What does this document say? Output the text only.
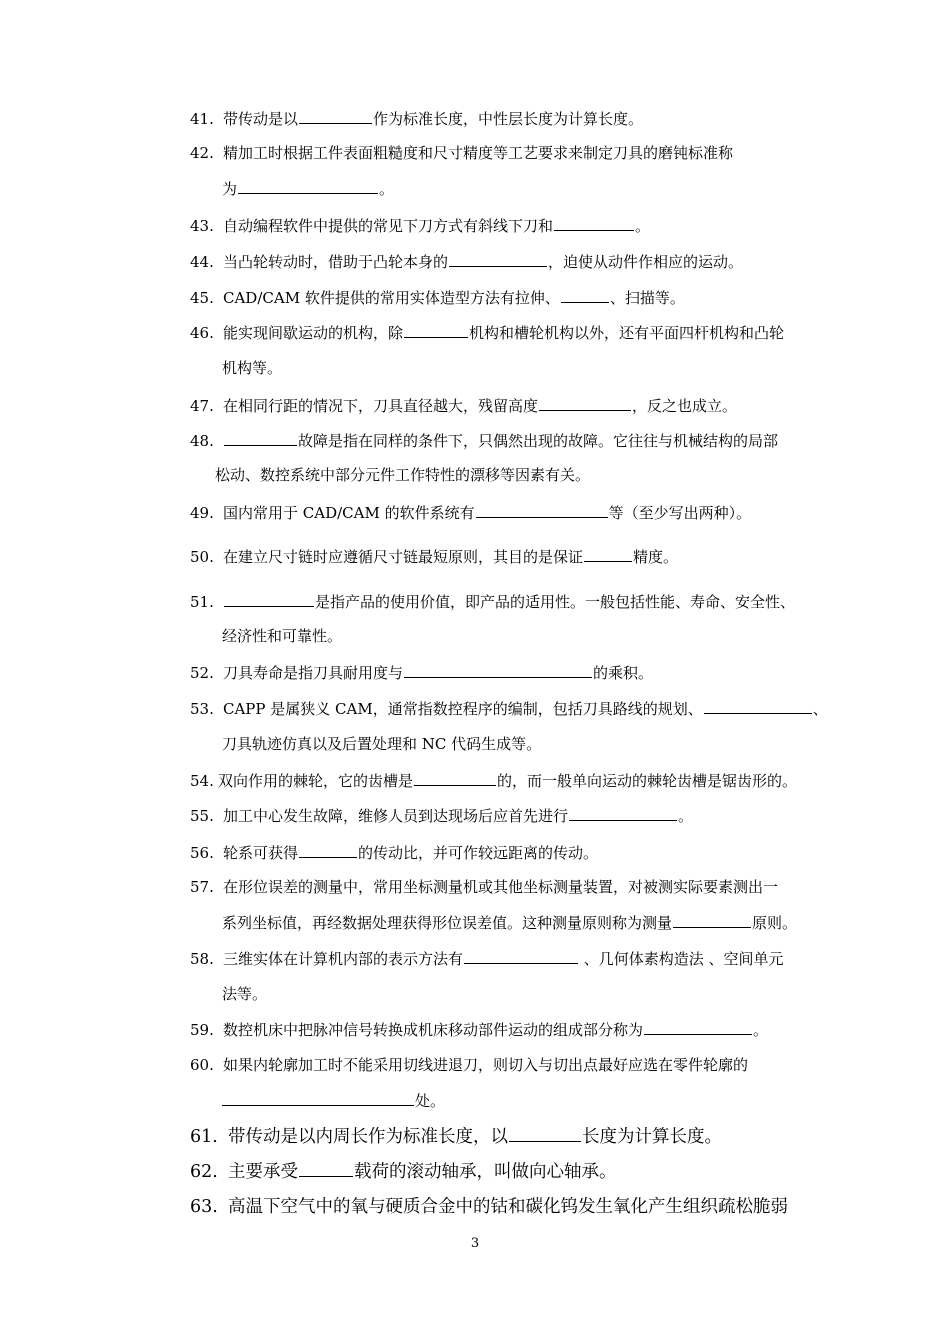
41. 带传动是以	作为标准长度，中性层长度为计算长度。
42. 精加工时根据工件表面粗糙度和尺寸精度等工艺要求来制定刀具的磨钝标准称
为	。
43. 自动编程软件中提供的常见下刀方式有斜线下刀和	。
44. 当凸轮转动时，借助于凸轮本身的	，迫使从动件作相应的运动。
45. CAD/CAM 软件提供的常用实体造型方法有拉伸、	、扫描等。
46. 能实现间歇运动的机构，除	机构和槽轮机构以外，还有平面四杆机构和凸轮
机构等。
47. 在相同行距的情况下，刀具直径越大，残留高度	，反之也成立。
48.	故障是指在同样的条件下，只偶然出现的故障。它往往与机械结构的局部
松动、数控系统中部分元件工作特性的漂移等因素有关。
49. 国内常用于 CAD/CAM 的软件系统有	等（至少写出两种）。
50. 在建立尺寸链时应遵循尺寸链最短原则，其目的是保证	精度。
51.	是指产品的使用价值，即产品的适用性。一般包括性能、寿命、安全性、
经济性和可靠性。
52. 刀具寿命是指刀具耐用度与	的乘积。
53. CAPP 是属狭义 CAM，通常指数控程序的编制，包括刀具路线的规划、	、
刀具轨迹仿真以及后置处理和 NC 代码生成等。
54. 双向作用的棘轮，它的齿槽是	的，而一般单向运动的棘轮齿槽是锯齿形的。
55. 加工中心发生故障，维修人员到达现场后应首先进行	。
56. 轮系可获得	的传动比，并可作较远距离的传动。
57. 在形位误差的测量中，常用坐标测量机或其他坐标测量装置，对被测实际要素测出一
系列坐标值，再经数据处理获得形位误差值。这种测量原则称为测量	原则。
58. 三维实体在计算机内部的表示方法有	、几何体素构造法 、空间单元
法等。
59. 数控机床中把脉冲信号转换成机床移动部件运动的组成部分称为	。
60. 如果内轮廓加工时不能采用切线进退刀，则切入与切出点最好应选在零件轮廓的
处。
61. 带传动是以内周长作为标准长度，以	长度为计算长度。
62. 主要承受	载荷的滚动轴承，叫做向心轴承。
63. 高温下空气中的氧与硬质合金中的钴和碳化钨发生氧化产生组织疏松脆弱
3
